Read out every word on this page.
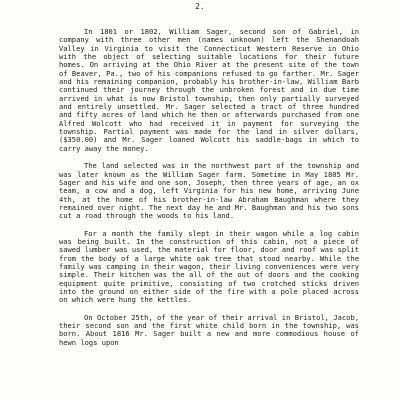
2.

In 1801 or 1802, William Sager, second son of Gabriel, in company with three other men (names unknown) left the Shenandoah Valley in Virginia to visit the Connecticut Western Reserve in Ohio with the object of selecting suitable locations for their future homes. On arriving at the Ohio River at the present site of the town of Beaver, Pa., two of his companions refused to go farther. Mr. Sager and his remaining companion, probably his brother-in-law, William Barb continued their journey through the unbroken forest and in due time arrived in what is now Bristol township, then only partially surveyed and entirely unsettled. Mr. Sager selected a tract of three hundred and fifty acres of land which he then or afterwards purchased from one Alfred Wolcott who had received it in payment for surveying the township. Partial payment was made for the land in silver dollars, ($350.00) and Mr. Sager loaned Wolcott his saddle-bags in which to carry away the money.

The land selected was in the northwest part of the township and was later known as the William Sager farm. Sometime in May 1805 Mr. Sager and his wife and one son, Joseph, then three years of age, an ox team, a cow and a dog, left Virginia for his new home, arriving June 4th, at the home of his brother-in-law Abraham Baughman where they remained over night. The next day he and Mr. Baughman and his two sons cut a road through the woods to his land.

For a month the family slept in their wagon while a log cabin was being built. In the construction of this cabin, not a piece of sawed lumber was used, the material for floor, door and roof was split from the body of a large white oak tree that stood nearby. While the family was camping in their wagon, their living conveniences were very simple. Their kitchen was the all of the out of doors and the cooking equipment quite primitive, consisting of two crotched sticks driven into the ground on either side of the fire with a pole placed across on which were hung the kettles.

On October 25th, of the year of their arrival in Bristol, Jacob, their second son and the first white child born in the township, was born. About 1816 Mr. Sager built a new and more commodious house of hewn logs upon
